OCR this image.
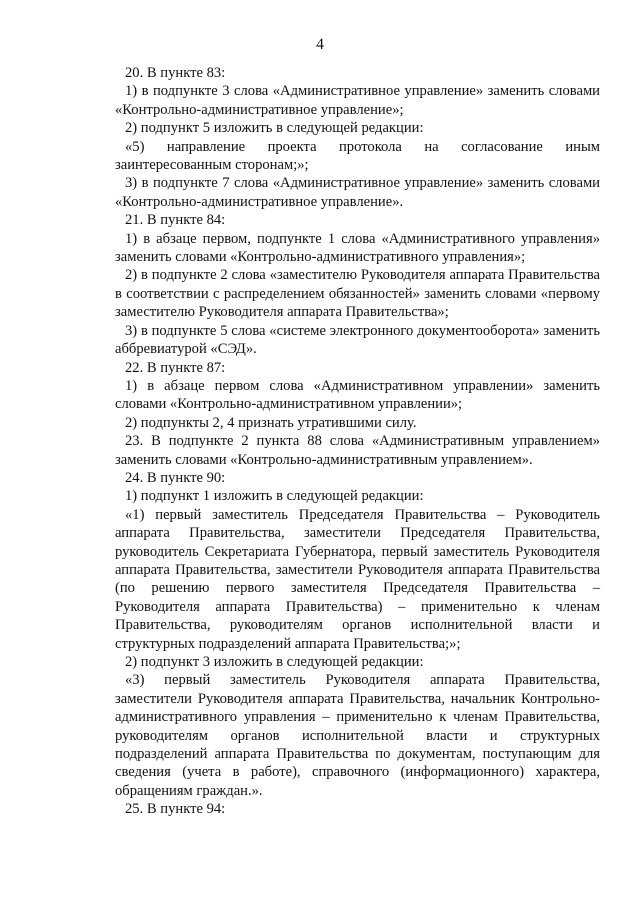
4
20. В пункте 83:
1) в подпункте 3 слова «Административное управление» заменить словами «Контрольно-административное управление»;
2) подпункт 5 изложить в следующей редакции:
«5) направление проекта протокола на согласование иным заинтересованным сторонам;»;
3) в подпункте 7 слова «Административное управление» заменить словами «Контрольно-административное управление».
21. В пункте 84:
1) в абзаце первом, подпункте 1 слова «Административного управления» заменить словами «Контрольно-административного управления»;
2) в подпункте 2 слова «заместителю Руководителя аппарата Правительства в соответствии с распределением обязанностей» заменить словами «первому заместителю Руководителя аппарата Правительства»;
3) в подпункте 5 слова «системе электронного документооборота» заменить аббревиатурой «СЭД».
22. В пункте 87:
1) в абзаце первом слова «Административном управлении» заменить словами «Контрольно-административном управлении»;
2) подпункты 2, 4 признать утратившими силу.
23. В подпункте 2 пункта 88 слова «Административным управлением» заменить словами «Контрольно-административным управлением».
24. В пункте 90:
1) подпункт 1 изложить в следующей редакции:
«1) первый заместитель Председателя Правительства – Руководитель аппарата Правительства, заместители Председателя Правительства, руководитель Секретариата Губернатора, первый заместитель Руководителя аппарата Правительства, заместители Руководителя аппарата Правительства (по решению первого заместителя Председателя Правительства – Руководителя аппарата Правительства) – применительно к членам Правительства, руководителям органов исполнительной власти и структурных подразделений аппарата Правительства;»;
2) подпункт 3 изложить в следующей редакции:
«3) первый заместитель Руководителя аппарата Правительства, заместители Руководителя аппарата Правительства, начальник Контрольно-административного управления – применительно к членам Правительства, руководителям органов исполнительной власти и структурных подразделений аппарата Правительства по документам, поступающим для сведения (учета в работе), справочного (информационного) характера, обращениям граждан.».
25. В пункте 94:
